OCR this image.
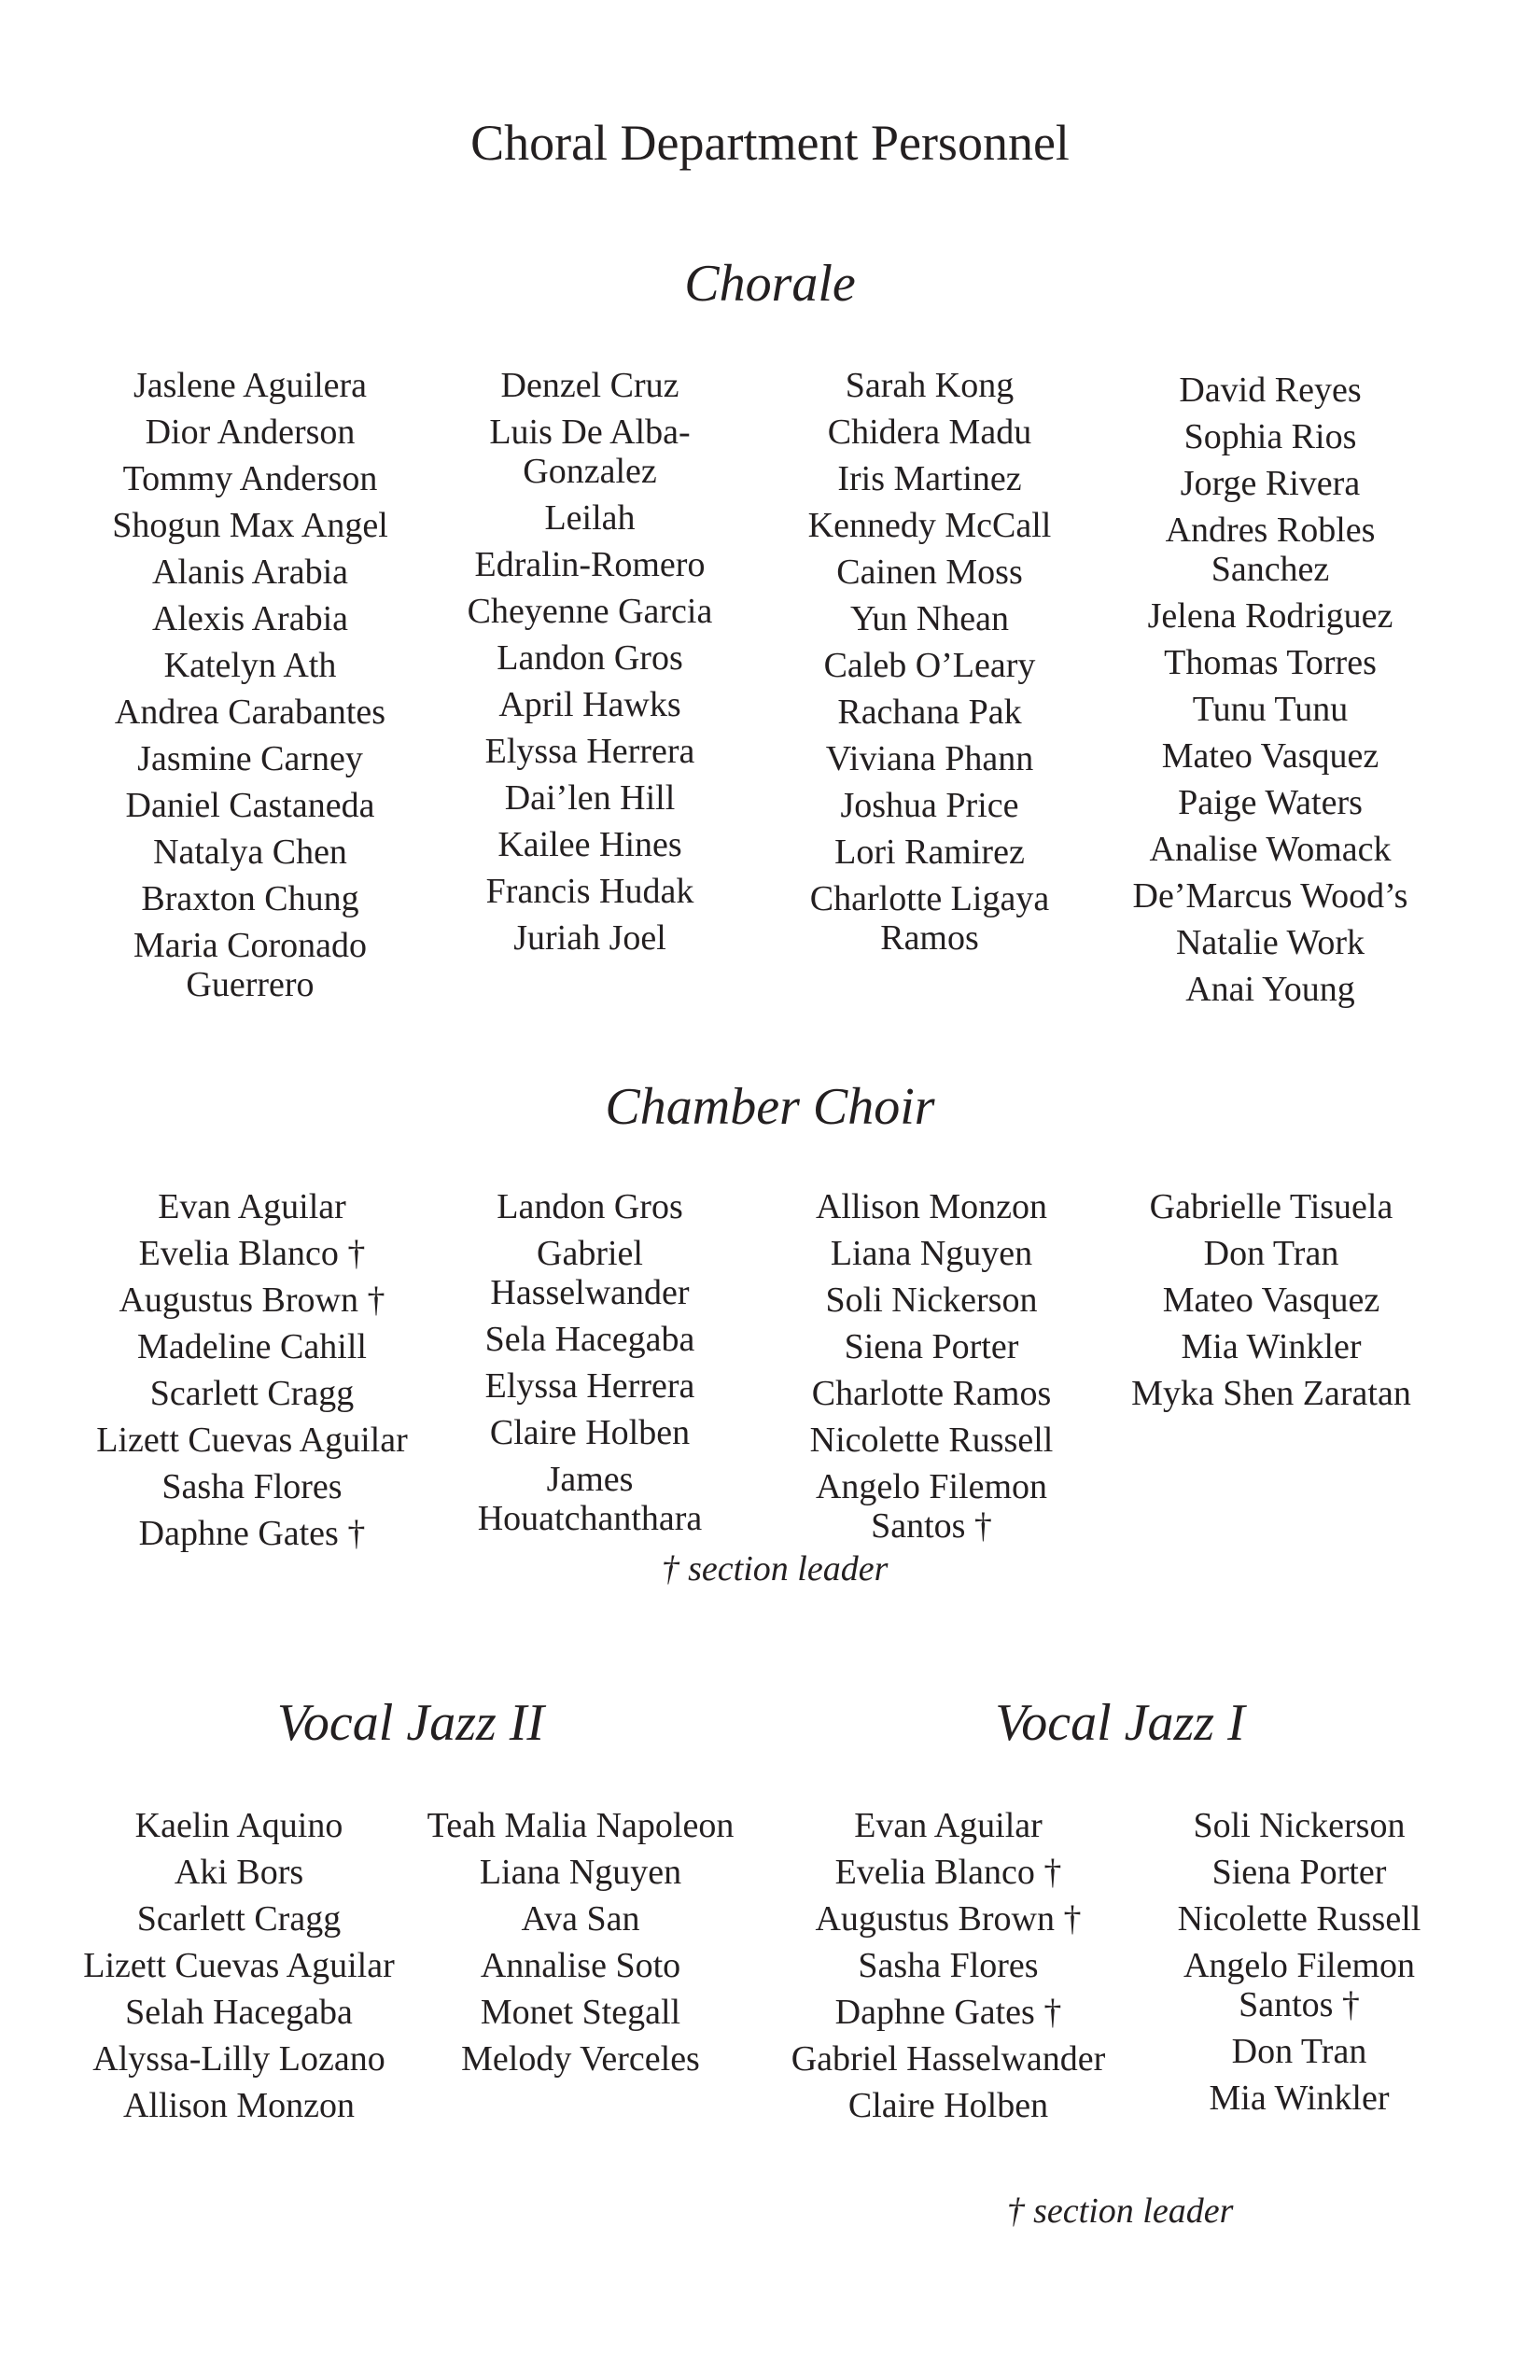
Choral Department Personnel
Chorale
Jaslene Aguilera
Dior Anderson
Tommy Anderson
Shogun Max Angel
Alanis Arabia
Alexis Arabia
Katelyn Ath
Andrea Carabantes
Jasmine Carney
Daniel Castaneda
Natalya Chen
Braxton Chung
Maria Coronado Guerrero
Denzel Cruz
Luis De Alba-Gonzalez
Leilah
Edralin-Romero
Cheyenne Garcia
Landon Gros
April Hawks
Elyssa Herrera
Dai’len Hill
Kailee Hines
Francis Hudak
Juriah Joel
Sarah Kong
Chidera Madu
Iris Martinez
Kennedy McCall
Cainen Moss
Yun Nhean
Caleb O’Leary
Rachana Pak
Viviana Phann
Joshua Price
Lori Ramirez
Charlotte Ligaya Ramos
David Reyes
Sophia Rios
Jorge Rivera
Andres Robles Sanchez
Jelena Rodriguez
Thomas Torres
Tunu Tunu
Mateo Vasquez
Paige Waters
Analise Womack
De’Marcus Wood’s
Natalie Work
Anai Young
Chamber Choir
Evan Aguilar
Evelia Blanco †
Augustus Brown †
Madeline Cahill
Scarlett Cragg
Lizett Cuevas Aguilar
Sasha Flores
Daphne Gates †
Landon Gros
Gabriel Hasselwander
Sela Hacegaba
Elyssa Herrera
Claire Holben
James Houatchanthara
Allison Monzon
Liana Nguyen
Soli Nickerson
Siena Porter
Charlotte Ramos
Nicolette Russell
Angelo Filemon Santos †
Gabrielle Tisuela
Don Tran
Mateo Vasquez
Mia Winkler
Myka Shen Zaratan
† section leader
Vocal Jazz II
Kaelin Aquino
Aki Bors
Scarlett Cragg
Lizett Cuevas Aguilar
Selah Hacegaba
Alyssa-Lilly Lozano
Allison Monzon
Teah Malia Napoleon
Liana Nguyen
Ava San
Annalise Soto
Monet Stegall
Melody Verceles
Vocal Jazz I
Evan Aguilar
Evelia Blanco †
Augustus Brown †
Sasha Flores
Daphne Gates †
Gabriel Hasselwander
Claire Holben
Soli Nickerson
Siena Porter
Nicolette Russell
Angelo Filemon Santos †
Don Tran
Mia Winkler
† section leader
